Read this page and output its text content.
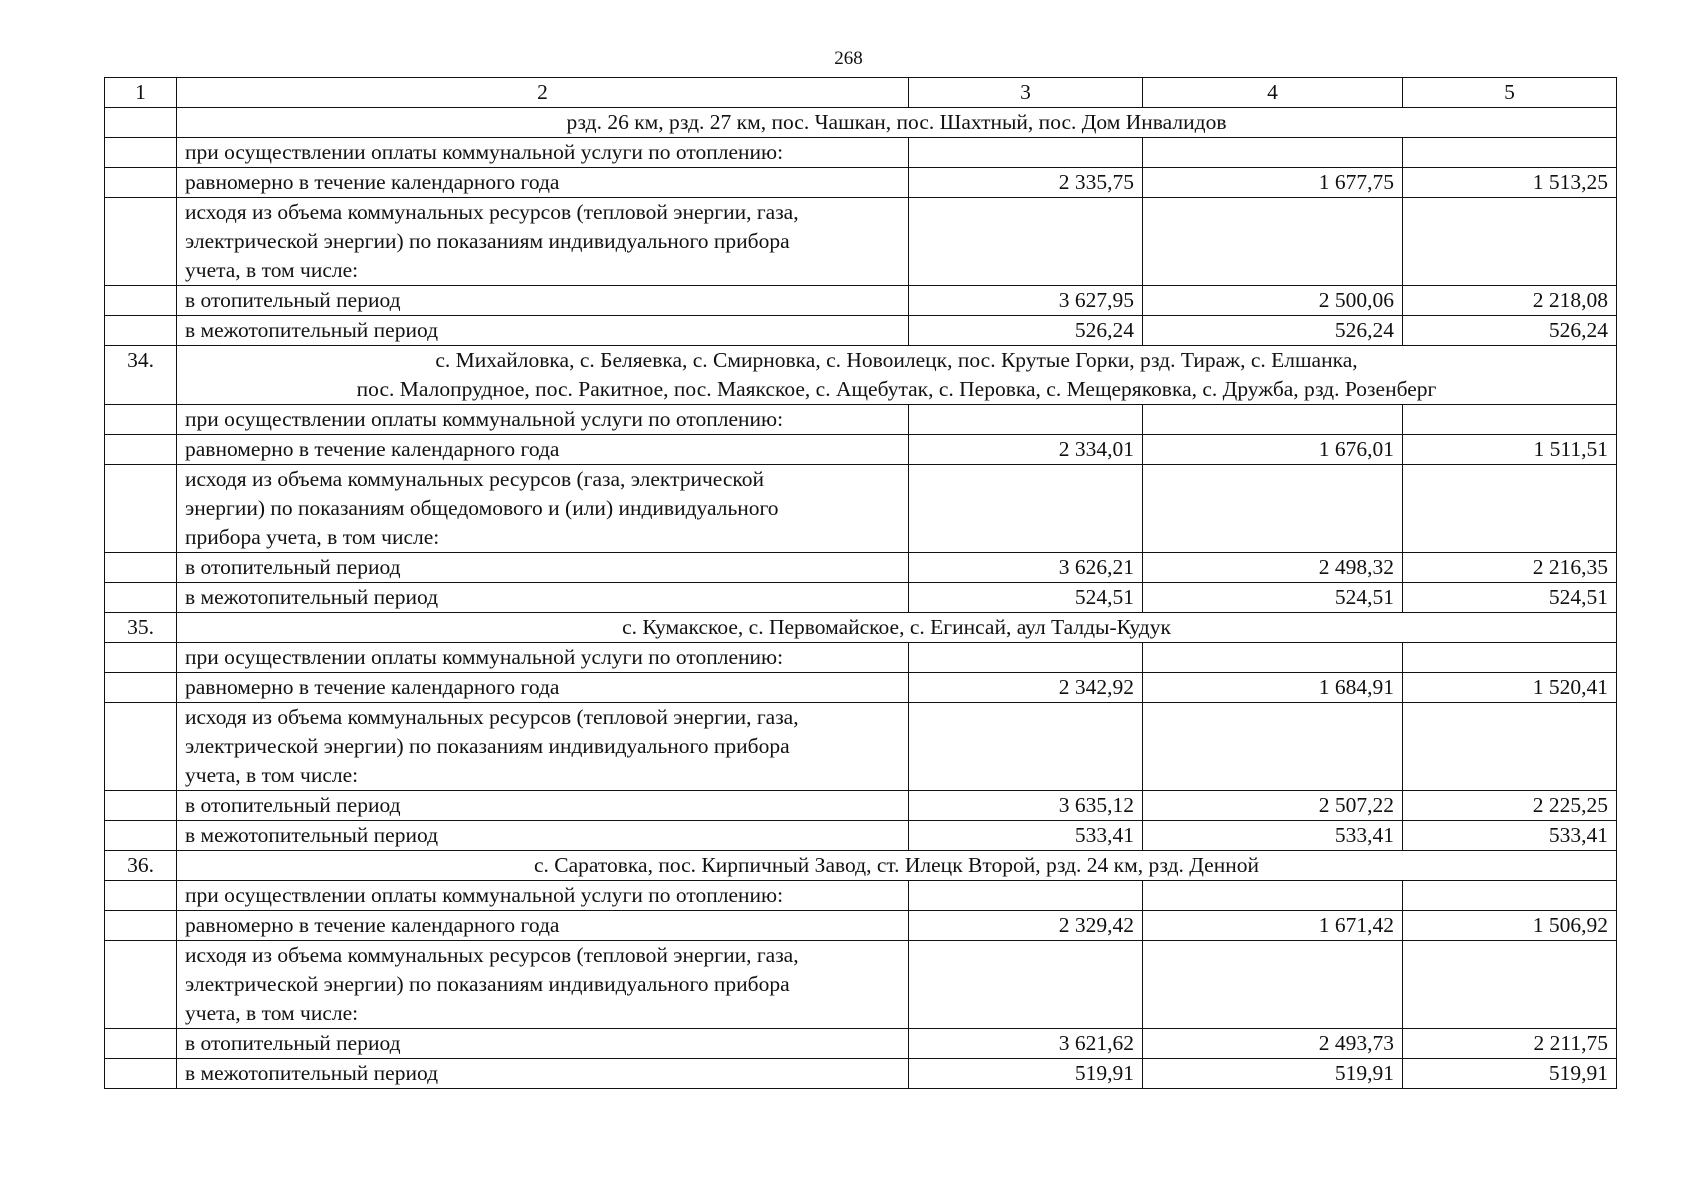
268
1	2	3	4	5

	рзд. 26 км, рзд. 27 км, пос. Чашкан, пос. Шахтный, пос. Дом Инвалидов			

	при осуществлении оплаты коммунальной услуги по отоплению:			

	равномерно в течение календарного года	2 335,75	1 677,75	1 513,25

	исходя из объема коммунальных ресурсов (тепловой энергии, газа,
электрической энергии) по показаниям индивидуального прибора
учета, в том числе:			

	в отопительный период	3 627,95	2 500,06	2 218,08

	в межотопительный период	526,24	526,24	526,24
34.	с. Михайловка, с. Беляевка, с. Смирновка, с. Новоилецк, пос. Крутые Горки, рзд. Тираж, с. Елшанка,
пос. Малопрудное, пос. Ракитное, пос. Маякское, с. Ащебутак, с. Перовка, с. Мещеряковка, с. Дружба, рзд. Розенберг			

	при осуществлении оплаты коммунальной услуги по отоплению:			

	равномерно в течение календарного года	2 334,01	1 676,01	1 511,51

	исходя из объема коммунальных ресурсов (газа, электрической
энергии) по показаниям общедомового и (или) индивидуального
прибора учета, в том числе:			

	в отопительный период	3 626,21	2 498,32	2 216,35

	в межотопительный период	524,51	524,51	524,51
35.	с. Кумакское, с. Первомайское, с. Егинсай, аул Талды-Кудук			

	при осуществлении оплаты коммунальной услуги по отоплению:			

	равномерно в течение календарного года	2 342,92	1 684,91	1 520,41

	исходя из объема коммунальных ресурсов (тепловой энергии, газа,
электрической энергии) по показаниям индивидуального прибора
учета, в том числе:			

	в отопительный период	3 635,12	2 507,22	2 225,25

	в межотопительный период	533,41	533,41	533,41
36.	с. Саратовка, пос. Кирпичный Завод, ст. Илецк Второй, рзд. 24 км, рзд. Денной			

	при осуществлении оплаты коммунальной услуги по отоплению:			

	равномерно в течение календарного года	2 329,42	1 671,42	1 506,92

	исходя из объема коммунальных ресурсов (тепловой энергии, газа,
электрической энергии) по показаниям индивидуального прибора
учета, в том числе:			

	в отопительный период	3 621,62	2 493,73	2 211,75

	в межотопительный период	519,91	519,91	519,91
